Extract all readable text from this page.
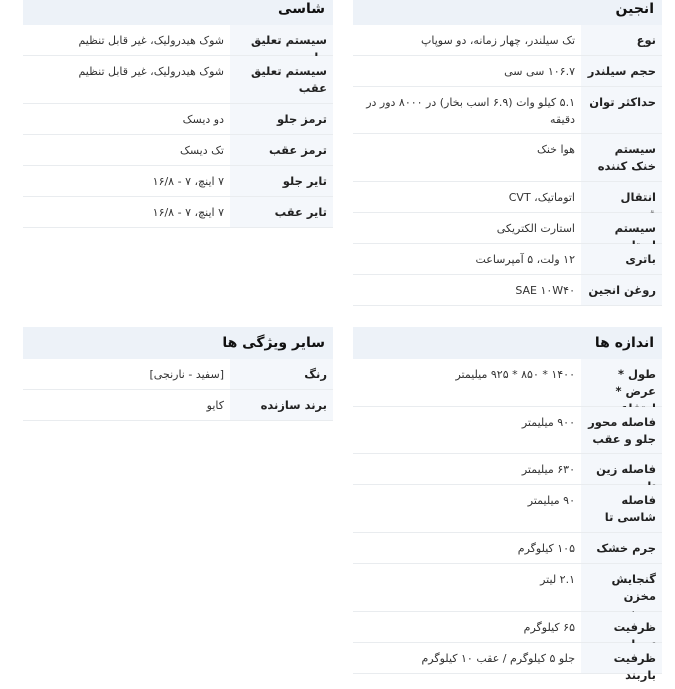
انجین
نوع
تک سیلندر، چهار زمانه، دو سوپاپ
حجم سیلندر
۱۰۶.۷ سی سی
حداکثر توان
۵.۱ کیلو وات (۶.۹ اسب بخار) در ۸۰۰۰ دور در دقیقه
سیستم خنک کننده
هوا خنک
انتقال
اتوماتیک، CVT
سیستم
استارت الکتریکی
باتری
۱۲ ولت، ۵ آمپرساعت
روغن انجین
SAE ۱۰W۴۰
شاسی
سیستم تعلیق
شوک هیدرولیک، غیر قابل تنظیم
سیستم تعلیق عقب
شوک هیدرولیک، غیر قابل تنظیم
ترمز جلو
دو دیسک
ترمز عقب
تک دیسک
تایر جلو
۷ اینچ، ۷ - ۱۶/۸
تایر عقب
۷ اینچ، ۷ - ۱۶/۸
اندازه ها
طول * عرض *
۱۴۰۰ * ۸۵۰ * ۹۲۵ میلیمتر
فاصله محور جلو و عقب
۹۰۰ میلیمتر
فاصله زین
۶۳۰ میلیمتر
فاصله شاسی تا
۹۰ میلیمتر
جرم خشک
۱۰۵ کیلوگرم
گنجایش مخزن
۲.۱ لیتر
ظرفیت
۶۵ کیلوگرم
ظرفیت باربند
جلو ۵ کیلوگرم / عقب ۱۰ کیلوگرم
سایر ویژگی ها
رنگ
[سفید - نارنجی]
برند سازنده
کایو
